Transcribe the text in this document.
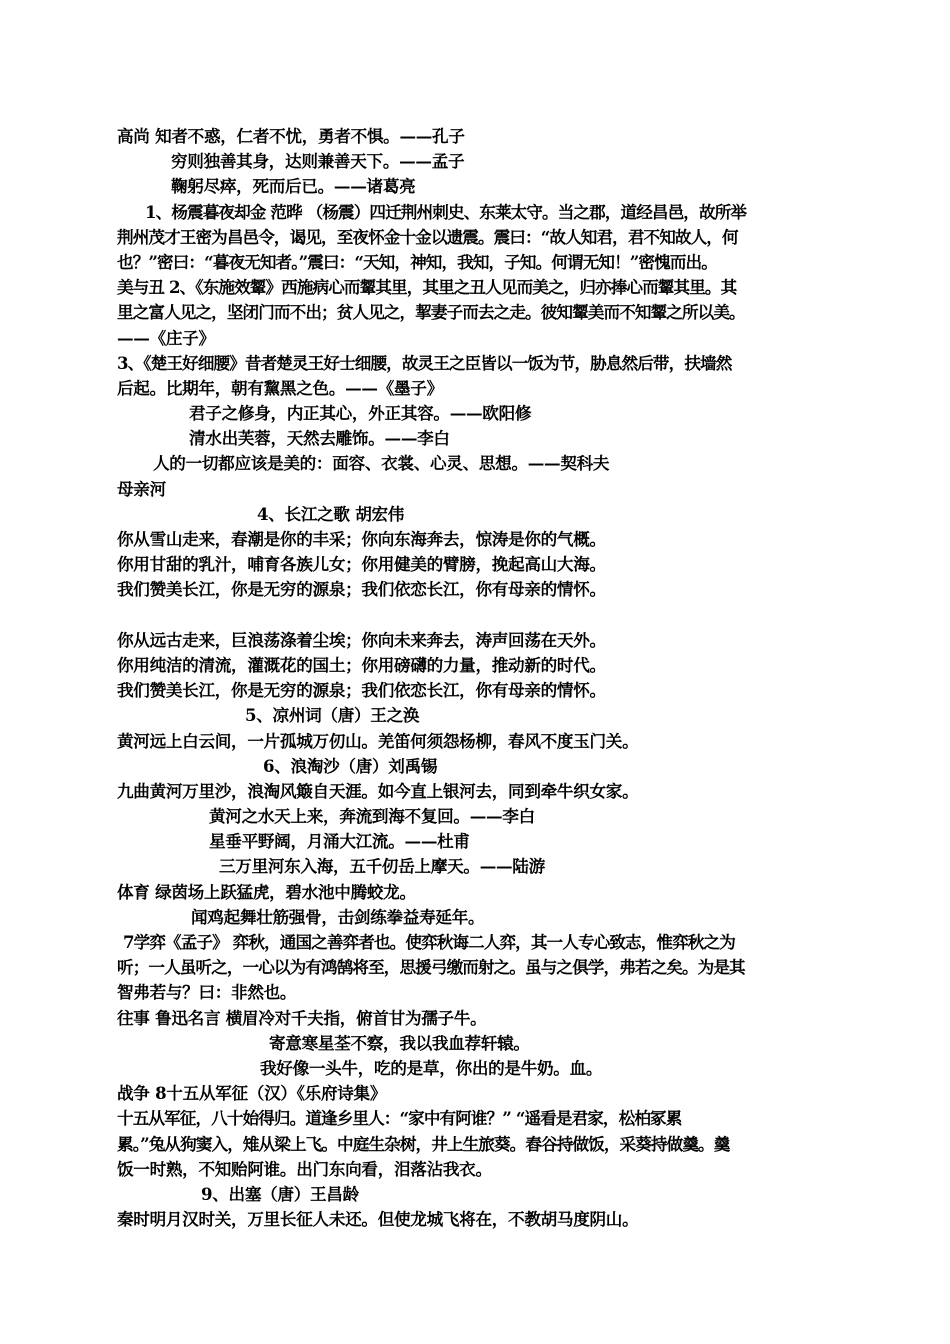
高尚 知者不惑，仁者不忧，勇者不惧。——孔子
穷则独善其身，达则兼善天下。——孟子
鞠躬尽瘁，死而后已。——诸葛亮
1、杨震暮夜却金 范晔 （杨震）四迁荆州刺史、东莱太守。当之郡，道经昌邑，故所举
荆州茂才王密为昌邑令，谒见，至夜怀金十金以遗震。震曰：“故人知君，君不知故人，何
也？”密曰：“暮夜无知者。”震曰：“天知，神知，我知，子知。何谓无知！”密愧而出。
美与丑 2、《东施效颦》西施病心而颦其里，其里之丑人见而美之，归亦捧心而颦其里。其
里之富人见之，坚闭门而不出；贫人见之，挈妻子而去之走。彼知颦美而不知颦之所以美。
——《庄子》
3、《楚王好细腰》昔者楚灵王好士细腰，故灵王之臣皆以一饭为节，胁息然后带，扶墙然
后起。比期年，朝有黧黑之色。——《墨子》
君子之修身，内正其心，外正其容。——欧阳修
清水出芙蓉，天然去雕饰。——李白
人的一切都应该是美的：面容、衣裳、心灵、思想。——契科夫
母亲河
4、长江之歌 胡宏伟
你从雪山走来，春潮是你的丰采；你向东海奔去，惊涛是你的气概。
你用甘甜的乳汁，哺育各族儿女；你用健美的臂膀，挽起高山大海。
我们赞美长江，你是无穷的源泉；我们依恋长江，你有母亲的情怀。
你从远古走来，巨浪荡涤着尘埃；你向未来奔去，涛声回荡在天外。
你用纯洁的清流，灌溉花的国土；你用磅礴的力量，推动新的时代。
我们赞美长江，你是无穷的源泉；我们依恋长江，你有母亲的情怀。
5、凉州词（唐）王之涣
黄河远上白云间，一片孤城万仞山。羌笛何须怨杨柳，春风不度玉门关。
6、浪淘沙（唐）刘禹锡
九曲黄河万里沙，浪淘风簸自天涯。如今直上银河去，同到牵牛织女家。
黄河之水天上来，奔流到海不复回。——李白
星垂平野阔，月涌大江流。——杜甫
三万里河东入海，五千仞岳上摩天。——陆游
体育 绿茵场上跃猛虎，碧水池中腾蛟龙。
闻鸡起舞壮筋强骨，击剑练拳益寿延年。
7学弈《孟子》 弈秋，通国之善弈者也。使弈秋诲二人弈，其一人专心致志，惟弈秋之为
听；一人虽听之，一心以为有鸿鹄将至，思援弓缴而射之。虽与之俱学，弗若之矣。为是其
智弗若与？曰：非然也。
往事 鲁迅名言 横眉冷对千夫指，俯首甘为孺子牛。
寄意寒星荃不察，我以我血荐轩辕。
我好像一头牛，吃的是草，你出的是牛奶。血。
战争 8十五从军征（汉）《乐府诗集》
十五从军征，八十始得归。道逢乡里人：“家中有阿谁？” “遥看是君家，松柏冢累
累。”兔从狗窦入，雉从梁上飞。中庭生杂树，井上生旅葵。舂谷持做饭，采葵持做羹。羹
饭一时熟，不知贻阿谁。出门东向看，泪落沾我衣。
9、出塞（唐）王昌龄
秦时明月汉时关，万里长征人未还。但使龙城飞将在，不教胡马度阴山。
